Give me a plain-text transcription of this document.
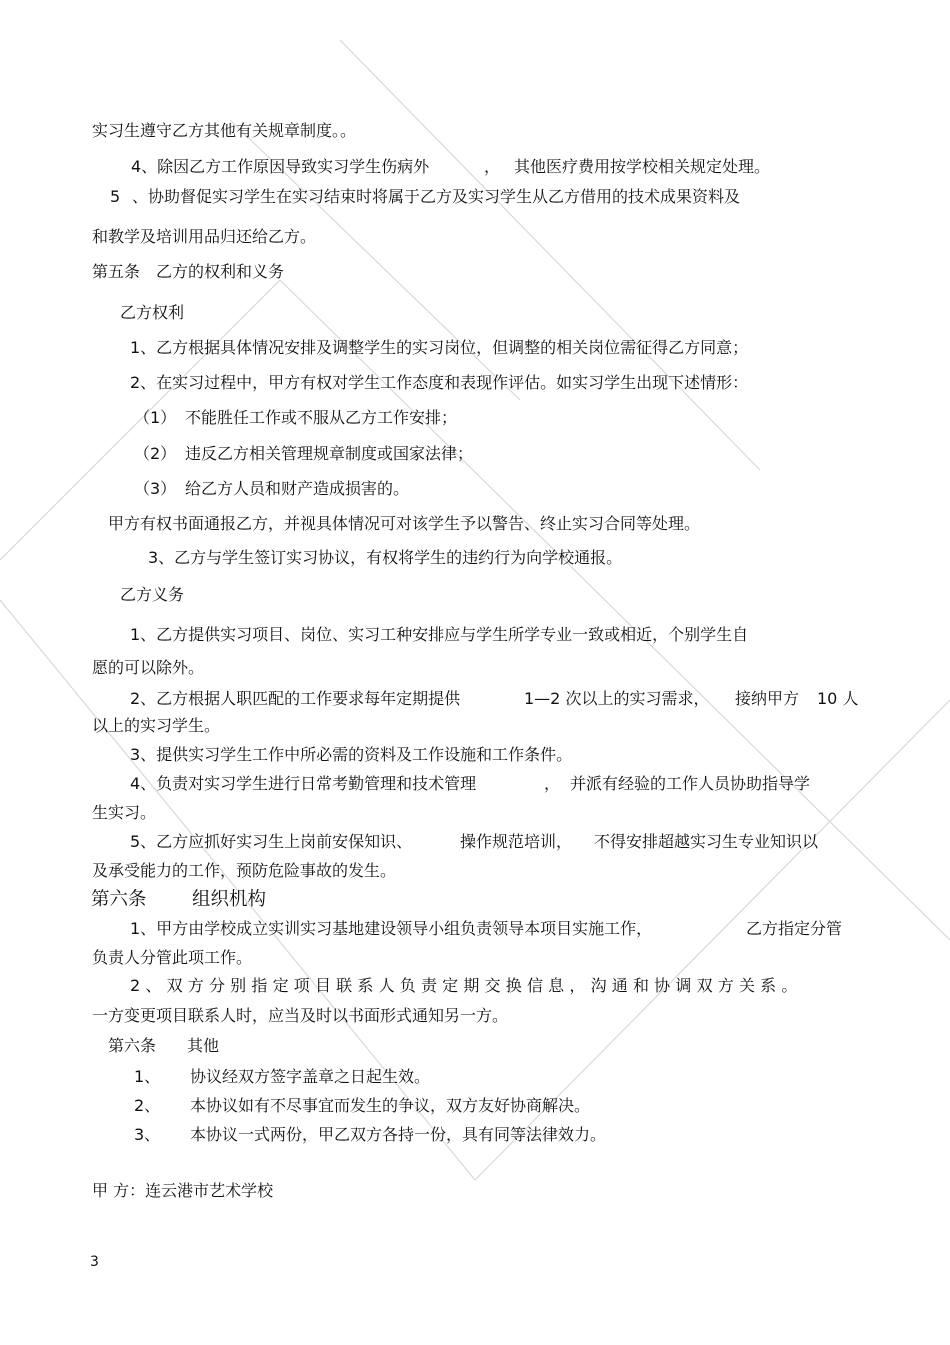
实习生遵守乙方其他有关规章制度。。
4、除因乙方工作原因导致实习学生伤病外	， 其他医疗费用按学校相关规定处理。
5 、协助督促实习学生在实习结束时将属于乙方及实习学生从乙方借用的技术成果资料及
和教学及培训用品归还给乙方。
第五条　乙方的权利和义务
乙方权利
1、乙方根据具体情况安排及调整学生的实习岗位，但调整的相关岗位需征得乙方同意；
2、在实习过程中，甲方有权对学生工作态度和表现作评估。如实习学生出现下述情形：
（1） 不能胜任工作或不服从乙方工作安排；
（2） 违反乙方相关管理规章制度或国家法律；
（3） 给乙方人员和财产造成损害的。
甲方有权书面通报乙方，并视具体情况可对该学生予以警告、终止实习合同等处理。
3、乙方与学生签订实习协议，有权将学生的违约行为向学校通报。
乙方义务
1、乙方提供实习项目、岗位、实习工种安排应与学生所学专业一致或相近，个别学生自
愿的可以除外。
2、乙方根据人职匹配的工作要求每年定期提供	1—2 次以上的实习需求， 接纳甲方 10 人
以上的实习学生。
3、提供实习学生工作中所必需的资料及工作设施和工作条件。
4、负责对实习学生进行日常考勤管理和技术管理	， 并派有经验的工作人员协助指导学
生实习。
5、乙方应抓好实习生上岗前安保知识、	操作规范培训， 不得安排超越实习生专业知识以
及承受能力的工作，预防危险事故的发生。
第六条 组织机构
1、甲方由学校成立实训实习基地建设领导小组负责领导本项目实施工作，	乙方指定分管
负责人分管此项工作。
2、双方分别指定项目联系人负责定期交换信息，沟通和协调双方关系。
一方变更项目联系人时，应当及时以书面形式通知另一方。
第六条 其他
1、 协议经双方签字盖章之日起生效。
2、 本协议如有不尽事宜而发生的争议，双方友好协商解决。
3、 本协议一式两份，甲乙双方各持一份，具有同等法律效力。
甲 方：连云港市艺术学校
3
